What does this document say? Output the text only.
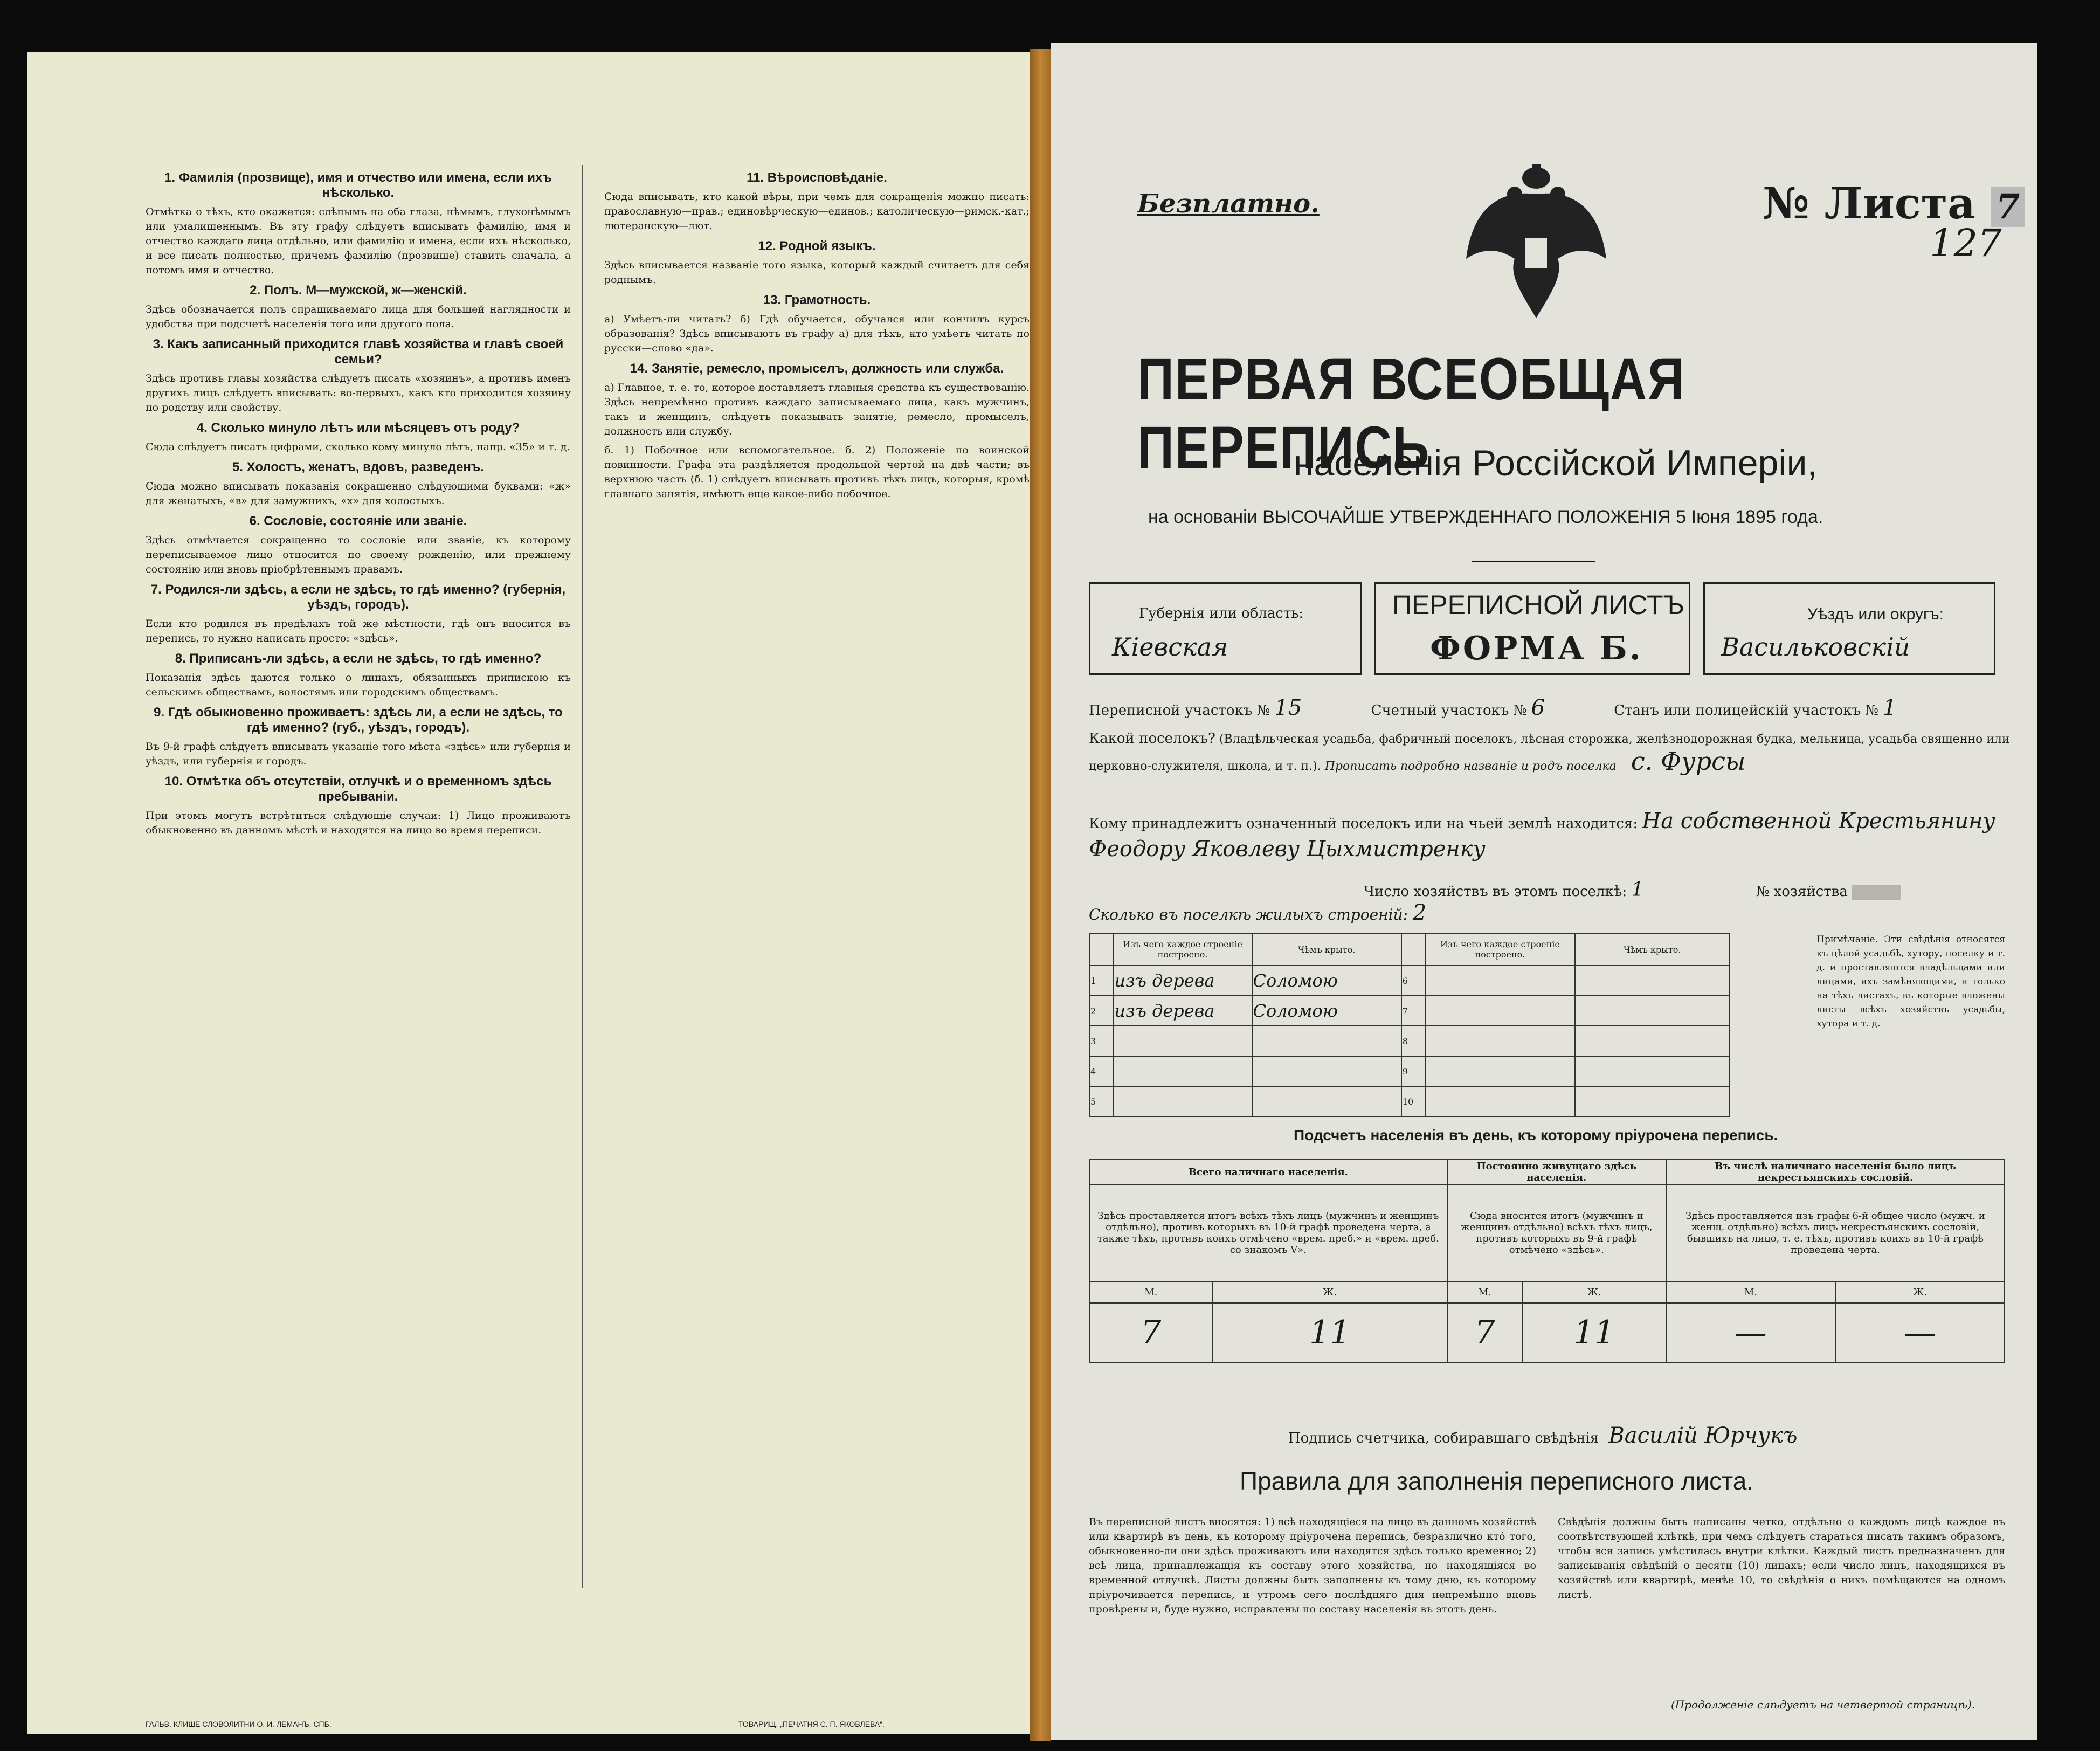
1. Фамилія (прозвище), имя и отчество или имена, если ихъ нѣсколько.

Отмѣтка о тѣхъ, кто окажется: слѣпымъ на оба глаза, нѣмымъ, глухонѣмымъ или умалишеннымъ. Въ эту графу слѣдуетъ вписывать фамилію, имя и отчество каждаго лица отдѣльно, или фамилію и имена, если ихъ нѣсколько, и все писать полностью, причемъ фамилію (прозвище) ставить сначала, а потомъ имя и отчество.

2. Полъ. М—мужской, ж—женскій.

Здѣсь обозначается полъ спрашиваемаго лица для большей наглядности и удобства при подсчетѣ населенія того или другого пола.

3. Какъ записанный приходится главѣ хозяйства и главѣ своей семьи?

Здѣсь противъ главы хозяйства слѣдуетъ писать «хозяинъ», а противъ именъ другихъ лицъ слѣдуетъ вписывать: во-первыхъ, какъ кто приходится хозяину по родству или свойству.

4. Сколько минуло лѣтъ или мѣсяцевъ отъ роду?

Сюда слѣдуетъ писать цифрами, сколько кому минуло лѣтъ, напр. «35» и т. д.

5. Холостъ, женатъ, вдовъ, разведенъ.

Сюда можно вписывать показанія сокращенно слѣдующими буквами: «ж» для женатыхъ, «в» для замужнихъ, «х» для холостыхъ.

6. Сословіе, состояніе или званіе.

Здѣсь отмѣчается сокращенно то сословіе или званіе, къ которому переписываемое лицо относится по своему рожденію, или прежнему состоянію или вновь пріобрѣтеннымъ правамъ.

7. Родился-ли здѣсь, а если не здѣсь, то гдѣ именно? (губернія, уѣздъ, городъ).

Если кто родился въ предѣлахъ той же мѣстности, гдѣ онъ вносится въ перепись, то нужно написать просто: «здѣсь».

8. Приписанъ-ли здѣсь, а если не здѣсь, то гдѣ именно?

Показанія здѣсь даются только о лицахъ, обязанныхъ припискою къ сельскимъ обществамъ, волостямъ или городскимъ обществамъ.

9. Гдѣ обыкновенно проживаетъ: здѣсь ли, а если не здѣсь, то гдѣ именно? (губ., уѣздъ, городъ).

Въ 9-й графѣ слѣдуетъ вписывать указаніе того мѣста «здѣсь» или губернія и уѣздъ, или губернія и городъ.

10. Отмѣтка объ отсутствіи, отлучкѣ и о временномъ здѣсь пребываніи.

При этомъ могутъ встрѣтиться слѣдующіе случаи: 1) Лицо проживаютъ обыкновенно въ данномъ мѣстѣ и находятся на лицо во время переписи.

11. Вѣроисповѣданіе.

Сюда вписывать, кто какой вѣры, при чемъ для сокращенія можно писать: православную—прав.; единовѣрческую—единов.; католическую—римск.-кат.; лютеранскую—лют.

12. Родной языкъ.

Здѣсь вписывается названіе того языка, который каждый считаетъ для себя роднымъ.

13. Грамотность.

а) Умѣетъ-ли читать? б) Гдѣ обучается, обучался или кончилъ курсъ образованія? Здѣсь вписываютъ въ графу а) для тѣхъ, кто умѣетъ читать по русски—слово «да».

14. Занятіе, ремесло, промыселъ, должность или служба.

а) Главное, т. е. то, которое доставляетъ главныя средства къ существованію. Здѣсь непремѣнно противъ каждаго записываемаго лица, какъ мужчинъ, такъ и женщинъ, слѣдуетъ показывать занятіе, ремесло, промыселъ, должность или службу.

б. 1) Побочное или вспомогательное. б. 2) Положеніе по воинской повинности. Графа эта раздѣляется продольной чертой на двѣ части; въ верхнюю часть (б. 1) слѣдуетъ вписывать противъ тѣхъ лицъ, которыя, кромѣ главнаго занятія, имѣютъ еще какое-либо побочное.

ГАЛЬВ. КЛИШЕ СЛОВОЛИТНИ О. И. ЛЕМАНЪ, СПБ.	ТОВАРИЩ. „ПЕЧАТНЯ С. П. ЯКОВЛЕВА“.
Безплатно.	№ Листа 7
127
ПЕРВАЯ ВСЕОБЩАЯ ПЕРЕПИСЬ
населенія Россійской Имперіи,
на основаніи ВЫСОЧАЙШЕ УТВЕРЖДЕННАГО ПОЛОЖЕНІЯ 5 Іюня 1895 года.
Губернія или область:
Кіевская
ПЕРЕПИСНОЙ ЛИСТЪ
ФОРМА Б.
Уѣздъ или округъ:
Васильковскій
Переписной участокъ № 15	Счетный участокъ № 6	Станъ или полицейскій участокъ № 1
Какой поселокъ? (Владѣльческая усадьба, фабричный поселокъ, лѣсная сторожка, желѣзнодорожная будка, мельница, усадьба священно или церковно-служителя, школа, и т. п.). Прописать подробно названіе и родъ поселка с. Фурсы
Кому принадлежитъ означенный поселокъ или на чьей землѣ находится: На собственной Крестьянину
Феодору Яковлеву Цыхмистренку
Число хозяйствъ въ этомъ поселкѣ: 1	№ хозяйства
Сколько въ поселкѣ жилыхъ строеній: 2
	Изъ чего каждое строеніе построено.	Чѣмъ крыто.		Изъ чего каждое строеніе построено.	Чѣмъ крыто.
1	изъ дерева	Соломою	6		
2	изъ дерева	Соломою	7		
3			8		
4			9		
5			10		
Примѣчаніе. Эти свѣдѣнія относятся къ цѣлой усадьбѣ, хутору, поселку и т. д. и проставляются владѣльцами или лицами, ихъ замѣняющими, и только на тѣхъ листахъ, въ которые вложены листы всѣхъ хозяйствъ усадьбы, хутора и т. д.
Подсчетъ населенія въ день, къ которому пріурочена перепись.
Всего наличнаго населенія.		Постоянно живущаго здѣсь населенія.		Въ числѣ наличнаго населенія было лицъ некрестьянскихъ сословій.	
Здѣсь проставляется итогъ всѣхъ тѣхъ лицъ (мужчинъ и женщинъ отдѣльно), противъ которыхъ въ 10-й графѣ проведена черта, а также тѣхъ, противъ коихъ отмѣчено «врем. преб.» и «врем. преб. со знакомъ V».		Сюда вносится итогъ (мужчинъ и женщинъ отдѣльно) всѣхъ тѣхъ лицъ, противъ которыхъ въ 9-й графѣ отмѣчено «здѣсь».		Здѣсь проставляется изъ графы 6-й общее число (мужч. и женщ. отдѣльно) всѣхъ лицъ некрестьянскихъ сословій, бывшихъ на лицо, т. е. тѣхъ, противъ коихъ въ 10-й графѣ проведена черта.	
М.	Ж.	М.	Ж.	М.	Ж.
7	11	7	11	—	—
Подпись счетчика, собиравшаго свѣдѣнія Василій Юрчукъ
Правила для заполненія переписного листа.
Въ переписной листъ вносятся: 1) всѣ находящіеся на лицо въ данномъ хозяйствѣ или квартирѣ въ день, къ которому пріурочена перепись, безразлично ктó того, обыкновенно-ли они здѣсь проживаютъ или находятся здѣсь только временно; 2) всѣ лица, принадлежащія къ составу этого хозяйства, но находящіяся во временной отлучкѣ. Листы должны быть заполнены къ тому дню, къ которому пріурочивается перепись, и утромъ сего послѣдняго дня непремѣнно вновь провѣрены и, буде нужно, исправлены по составу населенія въ этотъ день.
Свѣдѣнія должны быть написаны четко, отдѣльно о каждомъ лицѣ каждое въ соотвѣтствующей клѣткѣ, при чемъ слѣдуетъ стараться писать такимъ образомъ, чтобы вся запись умѣстилась внутри клѣтки. Каждый листъ предназначенъ для записыванія свѣдѣній о десяти (10) лицахъ; если число лицъ, находящихся въ хозяйствѣ или квартирѣ, менѣе 10, то свѣдѣнія о нихъ помѣщаются на одномъ листѣ.
(Продолженіе слѣдуетъ на четвертой страницѣ).
